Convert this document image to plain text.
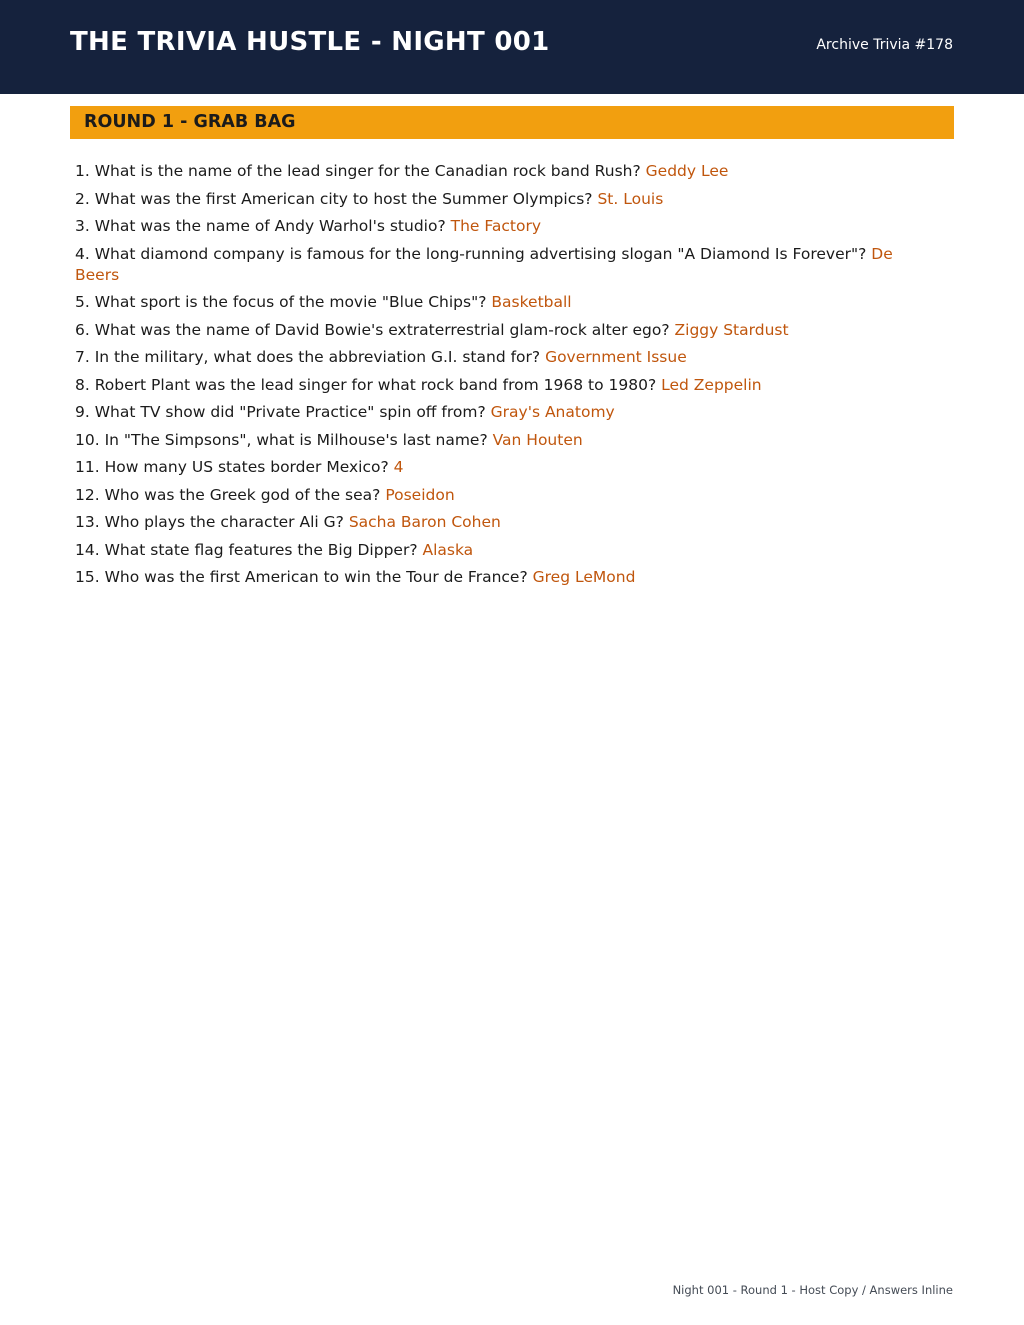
THE TRIVIA HUSTLE - NIGHT 001	Archive Trivia #178
ROUND 1 - GRAB BAG
1. What is the name of the lead singer for the Canadian rock band Rush? Geddy Lee
2. What was the first American city to host the Summer Olympics? St. Louis
3. What was the name of Andy Warhol's studio? The Factory
4. What diamond company is famous for the long-running advertising slogan "A Diamond Is Forever"? De Beers
5. What sport is the focus of the movie "Blue Chips"? Basketball
6. What was the name of David Bowie's extraterrestrial glam-rock alter ego? Ziggy Stardust
7. In the military, what does the abbreviation G.I. stand for? Government Issue
8. Robert Plant was the lead singer for what rock band from 1968 to 1980? Led Zeppelin
9. What TV show did "Private Practice" spin off from? Gray's Anatomy
10. In "The Simpsons", what is Milhouse's last name? Van Houten
11. How many US states border Mexico? 4
12. Who was the Greek god of the sea? Poseidon
13. Who plays the character Ali G? Sacha Baron Cohen
14. What state flag features the Big Dipper? Alaska
15. Who was the first American to win the Tour de France? Greg LeMond
Night 001 - Round 1 - Host Copy / Answers Inline
